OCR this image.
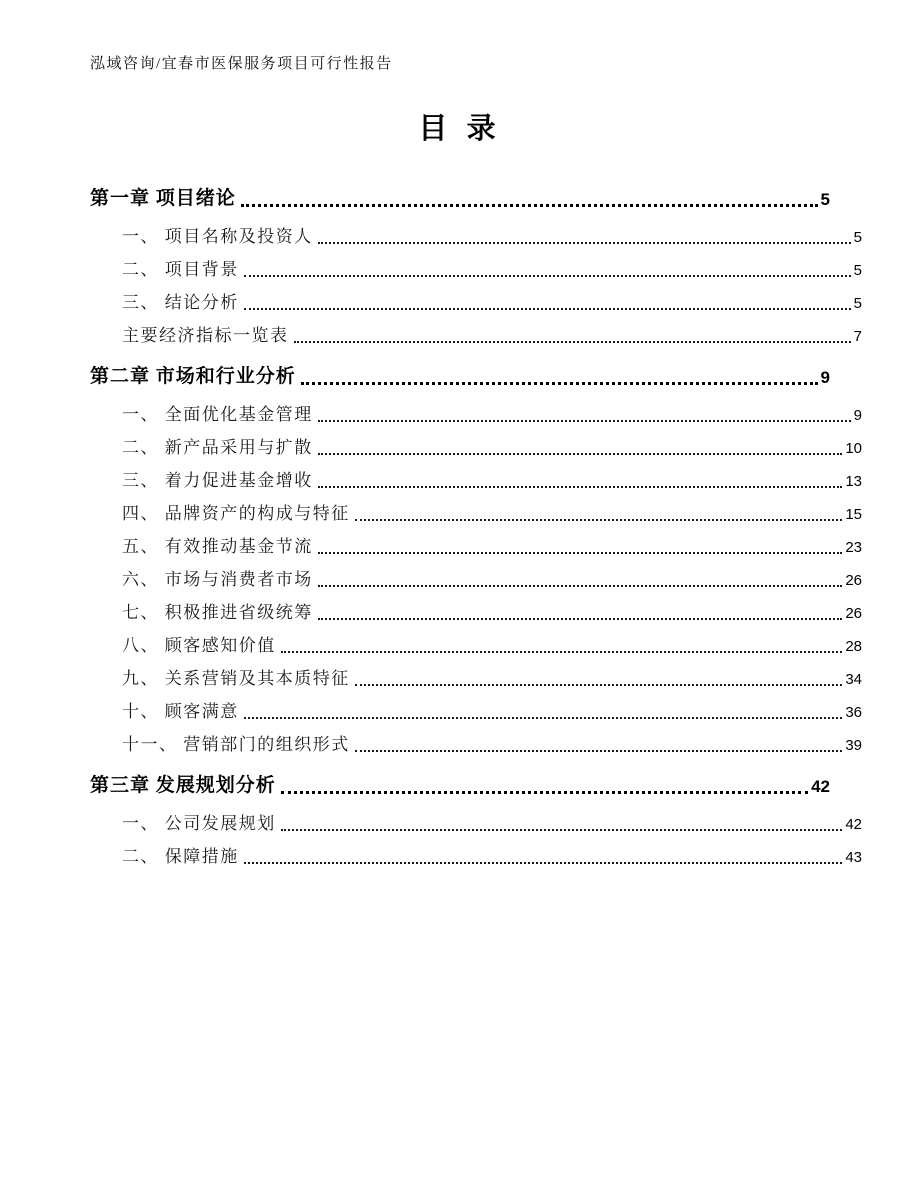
泓域咨询/宜春市医保服务项目可行性报告
目 录
第一章 项目绪论	5
一、 项目名称及投资人	5
二、 项目背景	5
三、 结论分析	5
主要经济指标一览表	7
第二章 市场和行业分析	9
一、 全面优化基金管理	9
二、 新产品采用与扩散	10
三、 着力促进基金增收	13
四、 品牌资产的构成与特征	15
五、 有效推动基金节流	23
六、 市场与消费者市场	26
七、 积极推进省级统筹	26
八、 顾客感知价值	28
九、 关系营销及其本质特征	34
十、 顾客满意	36
十一、 营销部门的组织形式	39
第三章 发展规划分析	42
一、 公司发展规划	42
二、 保障措施	43
